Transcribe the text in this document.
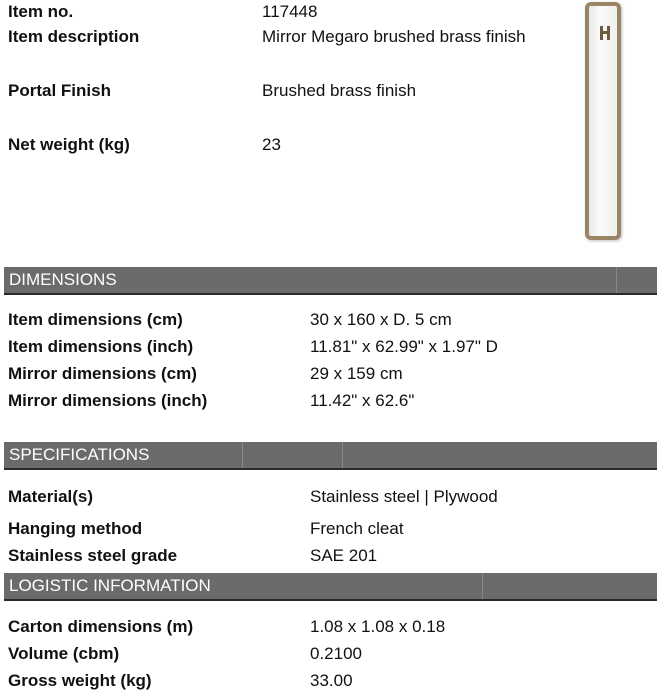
Item no.	117448
Item description	Mirror Megaro brushed brass finish
Portal Finish	Brushed brass finish
Net weight (kg)	23
DIMENSIONS
Item dimensions (cm)	30 x 160 x D. 5 cm
Item dimensions (inch)	11.81" x 62.99" x 1.97" D
Mirror dimensions (cm)	29 x 159 cm
Mirror dimensions (inch)	11.42" x 62.6"
SPECIFICATIONS
Material(s)	Stainless steel | Plywood
Hanging method	French cleat
Stainless steel grade	SAE 201
LOGISTIC INFORMATION
Carton dimensions (m)	1.08 x 1.08 x 0.18
Volume (cbm)	0.2100
Gross weight (kg)	33.00
